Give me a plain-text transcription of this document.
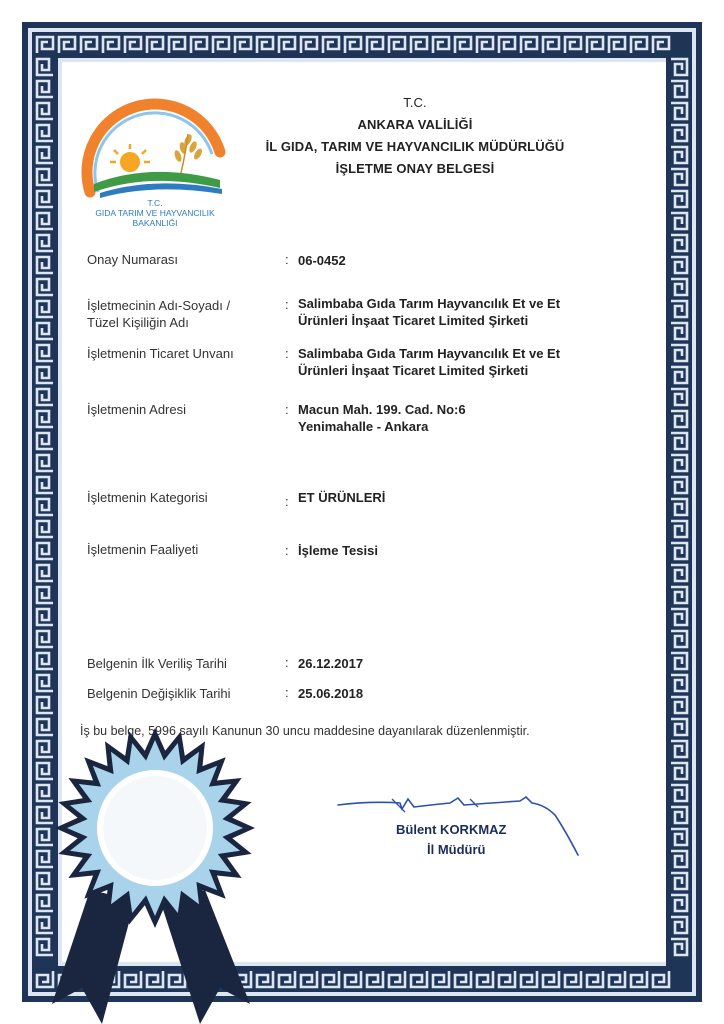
T.C.
GIDA TARIM VE HAYVANCILIK
BAKANLIĞI
T.C.
ANKARA VALİLİĞİ
İL GIDA, TARIM VE HAYVANCILIK MÜDÜRLÜĞÜ
İŞLETME ONAY BELGESİ
Onay Numarası	: 06-0452
İşletmecinin Adı-Soyadı /
Tüzel Kişiliğin Adı
: Salimbaba Gıda Tarım Hayvancılık Et ve Et
Ürünleri İnşaat Ticaret Limited Şirketi
İşletmenin Ticaret Unvanı	: Salimbaba Gıda Tarım Hayvancılık Et ve Et
Ürünleri İnşaat Ticaret Limited Şirketi
İşletmenin Adresi	: Macun Mah. 199. Cad. No:6
Yenimahalle - Ankara
İşletmenin Kategorisi	: ET ÜRÜNLERİ
İşletmenin Faaliyeti	: İşleme Tesisi
Belgenin İlk Veriliş Tarihi	: 26.12.2017
Belgenin Değişiklik Tarihi	: 25.06.2018
İş bu belge, 5996 sayılı Kanunun 30 uncu maddesine dayanılarak düzenlenmiştir.
Bülent KORKMAZ
İl Müdürü
